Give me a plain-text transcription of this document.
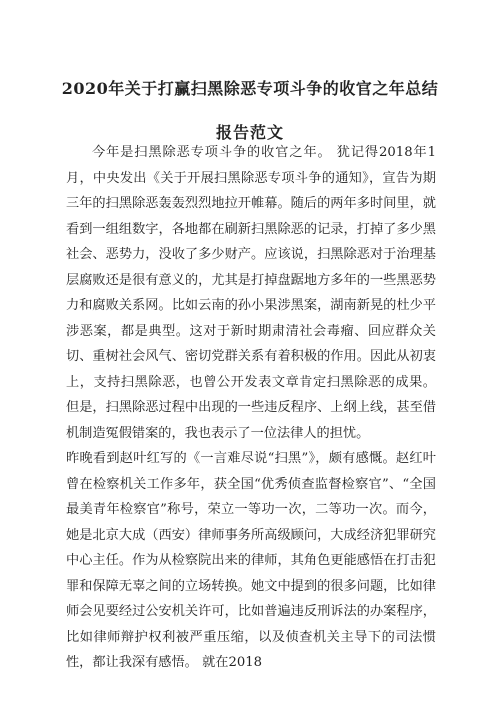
2020年关于打赢扫黑除恶专项斗争的收官之年总结
报告范文

今年是扫黑除恶专项斗争的收官之年。 犹记得2018年1月，中央发出《关于开展扫黑除恶专项斗争的通知》，宣告为期三年的扫黑除恶轰轰烈烈地拉开帷幕。随后的两年多时间里，就看到一组组数字，各地都在刷新扫黑除恶的记录，打掉了多少黑社会、恶势力，没收了多少财产。应该说，扫黑除恶对于治理基层腐败还是很有意义的，尤其是打掉盘踞地方多年的一些黑恶势力和腐败关系网。比如云南的孙小果涉黑案，湖南新晃的杜少平涉恶案，都是典型。这对于新时期肃清社会毒瘤、回应群众关切、重树社会风气、密切党群关系有着积极的作用。因此从初衷上，支持扫黑除恶，也曾公开发表文章肯定扫黑除恶的成果。 但是，扫黑除恶过程中出现的一些违反程序、上纲上线，甚至借机制造冤假错案的，我也表示了一位法律人的担忧。

昨晚看到赵叶红写的《一言难尽说“扫黑”》，颇有感慨。赵红叶曾在检察机关工作多年，获全国“优秀侦查监督检察官”、“全国最美青年检察官”称号，荣立一等功一次，二等功一次。而今，她是北京大成（西安）律师事务所高级顾问，大成经济犯罪研究中心主任。作为从检察院出来的律师，其角色更能感悟在打击犯罪和保障无辜之间的立场转换。她文中提到的很多问题，比如律师会见要经过公安机关许可，比如普遍违反刑诉法的办案程序，比如律师辩护权利被严重压缩，以及侦查机关主导下的司法惯性，都让我深有感悟。 就在2018
